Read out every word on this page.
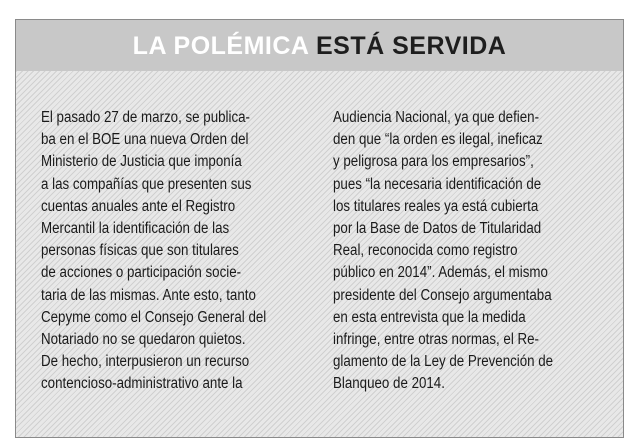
LA POLÉMICA ESTÁ SERVIDA
El pasado 27 de marzo, se publica-
ba en el BOE una nueva Orden del
Ministerio de Justicia que imponía
a las compañías que presenten sus
cuentas anuales ante el Registro
Mercantil la identificación de las
personas físicas que son titulares
de acciones o participación socie-
taria de las mismas. Ante esto, tanto
Cepyme como el Consejo General del
Notariado no se quedaron quietos.
De hecho, interpusieron un recurso
contencioso-administrativo ante la
Audiencia Nacional, ya que defien-
den que “la orden es ilegal, ineficaz
y peligrosa para los empresarios”,
pues “la necesaria identificación de
los titulares reales ya está cubierta
por la Base de Datos de Titularidad
Real, reconocida como registro
público en 2014”. Además, el mismo
presidente del Consejo argumentaba
en esta entrevista que la medida
infringe, entre otras normas, el Re-
glamento de la Ley de Prevención de
Blanqueo de 2014.
